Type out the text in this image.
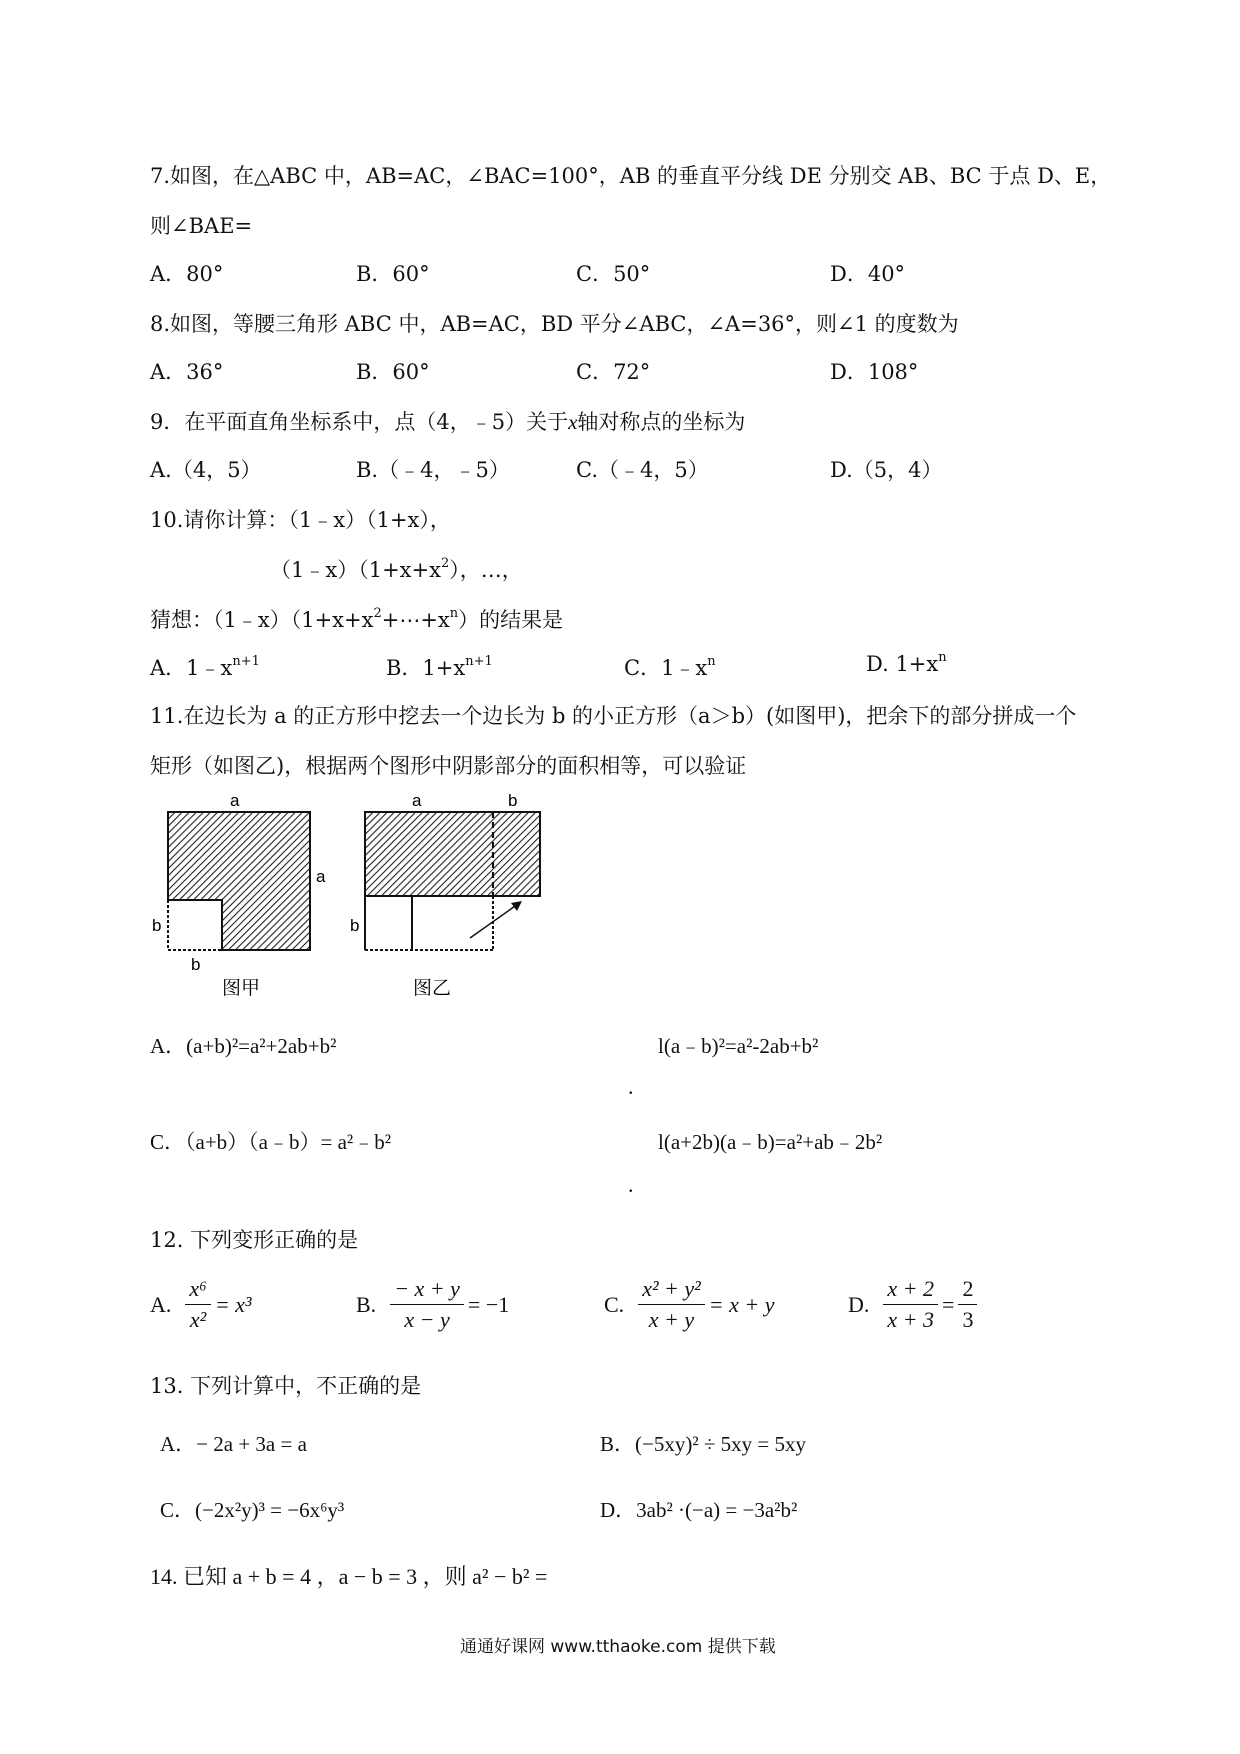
7.如图，在△ABC 中，AB=AC，∠BAC=100°，AB 的垂直平分线 DE 分别交 AB、BC 于点 D、E，
则∠BAE=
A．80°	B．60°	C．50°	D．40°
8.如图，等腰三角形 ABC 中，AB=AC，BD 平分∠ABC，∠A=36°，则∠1 的度数为
A．36°	B．60°	C．72°	D．108°
9．在平面直角坐标系中，点（4，﹣5）关于x轴对称点的坐标为
A.（4，5）	B.（﹣4，﹣5）	C.（﹣4，5）	D.（5，4）
10.请你计算：（1﹣x）（1+x），
$(1﹣x)(1+x+x^2)$，…，
猜想：$(1﹣x)(1+x+x^2+\cdots+x^n)$的结果是
A．$1﹣x^{n+1}$	B．$1+x^{n+1}$	C．$1﹣x^n$	D. $1+x^n$
11.在边长为 a 的正方形中挖去一个边长为 b 的小正方形（a＞b）(如图甲)，把余下的部分拼成一个
矩形（如图乙)，根据两个图形中阴影部分的面积相等，可以验证
a
a
b
b
图甲
a	b
b
图乙
A．(a+b)²=a²+2ab+b²	l(a﹣b)²=a²-2ab+b²
.
C．（a+b）（a﹣b）= a²﹣b²	l(a+2b)(a﹣b)=a²+ab﹣2b²
.
12. 下列变形正确的是
A. $\frac{\text{x⁶}}{\text{x²}} = x^3$	B. $\frac{- x + y}{x - y} = -1$	C. $\frac{\text{x² + y²}}{x + y} = x + y$	D. $\frac{x + 2}{x + 3} = \frac{2}{3}$
13. 下列计算中，不正确的是
A．− 2a + 3a = a	B．(−5xy)² ÷ 5xy = 5xy
C．(−2x²y)³ = −6x⁶y³	D．3ab² ·(−a) = −3a²b²
14. 已知 a + b = 4 ，a − b = 3 ，则 a² − b² =
通通好课网 www.tthaoke.com 提供下载
